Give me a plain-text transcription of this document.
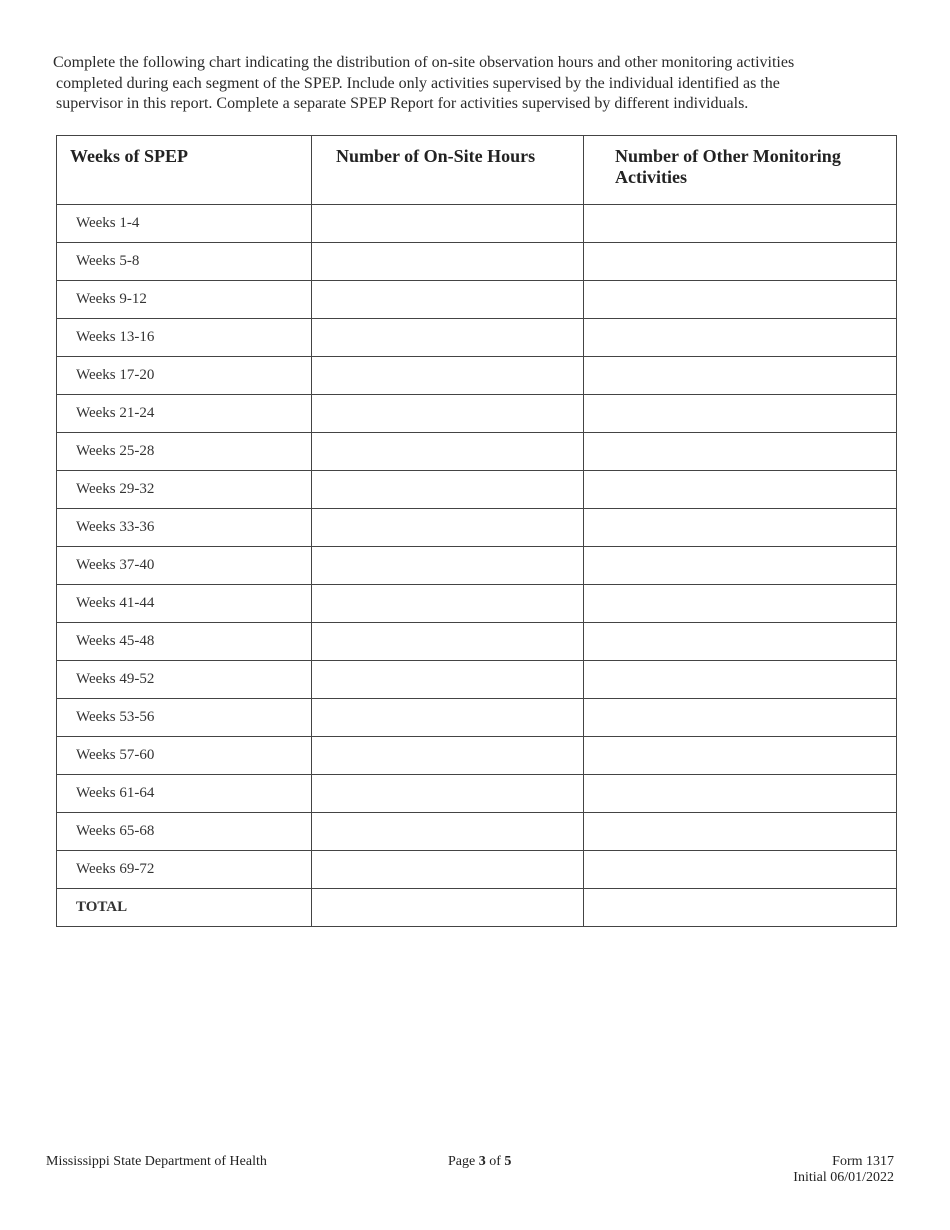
Complete the following chart indicating the distribution of on-site observation hours and other monitoring activities
completed during each segment of the SPEP. Include only activities supervised by the individual identified as the
supervisor in this report. Complete a separate SPEP Report for activities supervised by different individuals.
Weeks of SPEP	Number of On-Site Hours	Number of Other Monitoring Activities
Weeks 1-4		
Weeks 5-8		
Weeks 9-12		
Weeks 13-16		
Weeks 17-20		
Weeks 21-24		
Weeks 25-28		
Weeks 29-32		
Weeks 33-36		
Weeks 37-40		
Weeks 41-44		
Weeks 45-48		
Weeks 49-52		
Weeks 53-56		
Weeks 57-60		
Weeks 61-64		
Weeks 65-68		
Weeks 69-72		
TOTAL		
Mississippi State Department of Health	Page 3 of 5	Form 1317
Initial 06/01/2022
